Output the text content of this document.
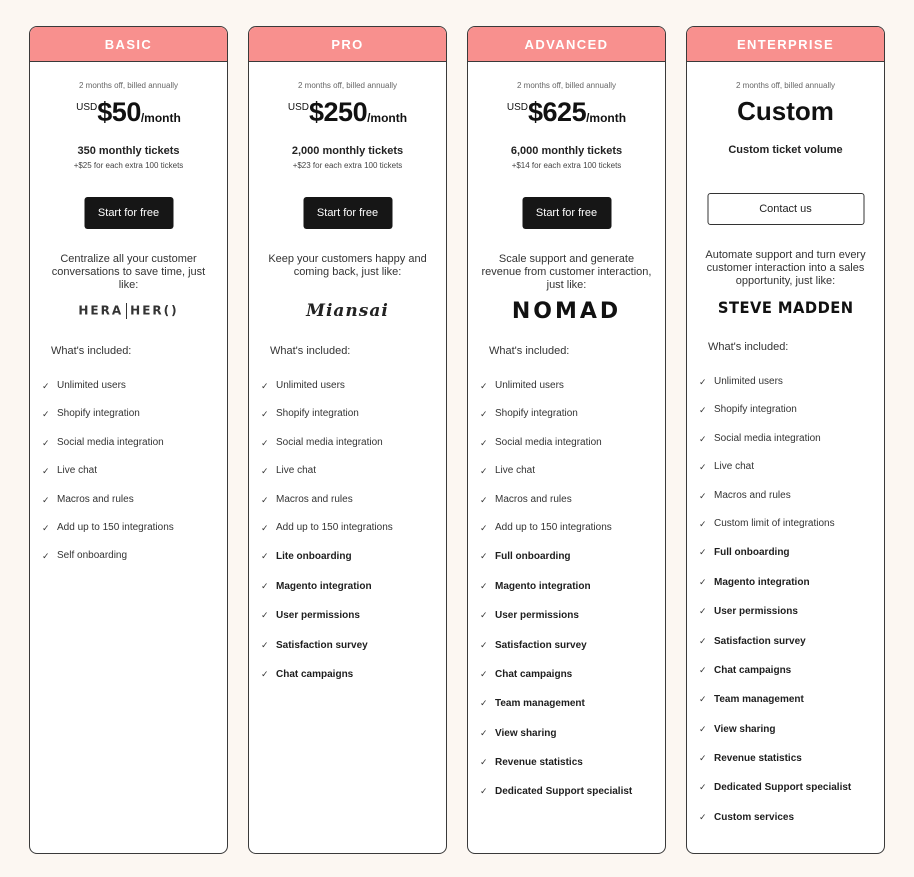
BASIC
2 months off, billed annually
USD $50 /month
350 monthly tickets
+$25 for each extra 100 tickets
Start for free
Centralize all your customer conversations to save time, just like:
HERA HER()
What's included:
✓ Unlimited users
✓ Shopify integration
✓ Social media integration
✓ Live chat
✓ Macros and rules
✓ Add up to 150 integrations
✓ Self onboarding
PRO
2 months off, billed annually
USD $250 /month
2,000 monthly tickets
+$23 for each extra 100 tickets
Start for free
Keep your customers happy and coming back, just like:
Miansai
What's included:
✓ Unlimited users
✓ Shopify integration
✓ Social media integration
✓ Live chat
✓ Macros and rules
✓ Add up to 150 integrations
✓ Lite onboarding
✓ Magento integration
✓ User permissions
✓ Satisfaction survey
✓ Chat campaigns
ADVANCED
2 months off, billed annually
USD $625 /month
6,000 monthly tickets
+$14 for each extra 100 tickets
Start for free
Scale support and generate revenue from customer interaction, just like:
NOMAD
What's included:
✓ Unlimited users
✓ Shopify integration
✓ Social media integration
✓ Live chat
✓ Macros and rules
✓ Add up to 150 integrations
✓ Full onboarding
✓ Magento integration
✓ User permissions
✓ Satisfaction survey
✓ Chat campaigns
✓ Team management
✓ View sharing
✓ Revenue statistics
✓ Dedicated Support specialist
ENTERPRISE
2 months off, billed annually
Custom
Custom ticket volume
Contact us
Automate support and turn every customer interaction into a sales opportunity, just like:
STEVE MADDEN
What's included:
✓ Unlimited users
✓ Shopify integration
✓ Social media integration
✓ Live chat
✓ Macros and rules
✓ Custom limit of integrations
✓ Full onboarding
✓ Magento integration
✓ User permissions
✓ Satisfaction survey
✓ Chat campaigns
✓ Team management
✓ View sharing
✓ Revenue statistics
✓ Dedicated Support specialist
✓ Custom services
